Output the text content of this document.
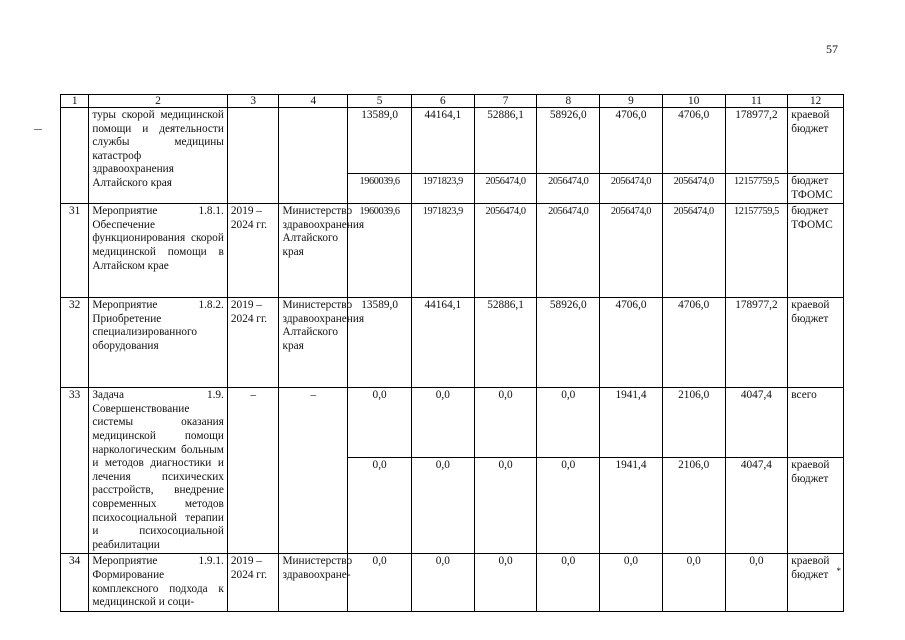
57
1	2	3	4	5	6	7	8	9	10	11	12
	туры скорой медицинской помощи и деятельности службы медицины катастроф здравоохранения Алтайского края			13589,0	44164,1	52886,1	58926,0	4706,0	4706,0	178977,2	краевой бюджет
				1960039,6	1971823,9	2056474,0	2056474,0	2056474,0	2056474,0	12157759,5	бюджет ТФОМС
31	Мероприятие 1.8.1. Обеспечение функционирования скорой медицинской помощи в Алтайском крае	2019 – 2024 гг.	Министерство здравоохранения Алтайского края	1960039,6	1971823,9	2056474,0	2056474,0	2056474,0	2056474,0	12157759,5	бюджет ТФОМС
32	Мероприятие 1.8.2. Приобретение специализированного оборудования	2019 – 2024 гг.	Министерство здравоохранения Алтайского края	13589,0	44164,1	52886,1	58926,0	4706,0	4706,0	178977,2	краевой бюджет
33	Задача 1.9. Совершенствование системы оказания медицинской помощи наркологическим больным и методов диагностики и лечения психических расстройств, внедрение современных методов психосоциальной терапии и психосоциальной реабилитации	–	–	0,0	0,0	0,0	0,0	1941,4	2106,0	4047,4	всего
				0,0	0,0	0,0	0,0	1941,4	2106,0	4047,4	краевой бюджет
34	Мероприятие 1.9.1. Формирование комплексного подхода к медицинской и соци-	2019 – 2024 гг.	Министерство здравоохране-	0,0	0,0	0,0	0,0	0,0	0,0	0,0	краевой бюджет *
